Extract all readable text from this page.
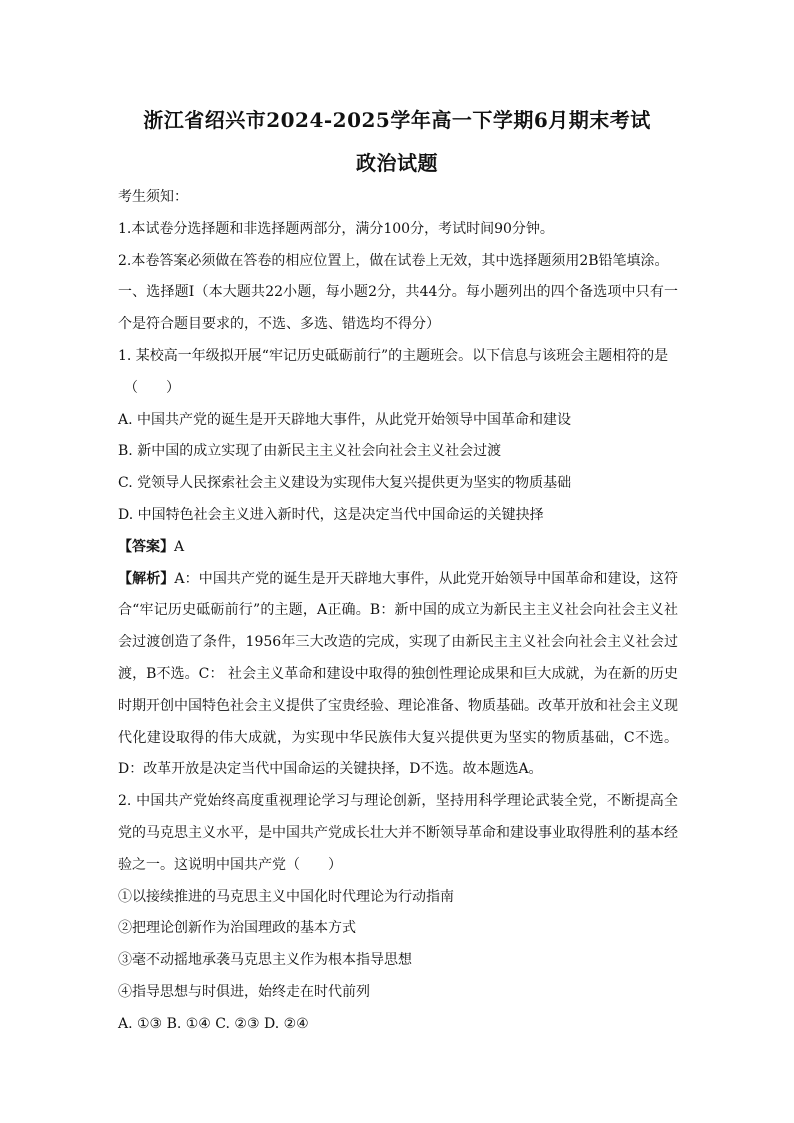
浙江省绍兴市2024-2025学年高一下学期6月期末考试
政治试题

考生须知：

1.本试卷分选择题和非选择题两部分，满分100分，考试时间90分钟。

2.本卷答案必须做在答卷的相应位置上，做在试卷上无效，其中选择题须用2B铅笔填涂。

一、选择题Ⅰ（本大题共22小题，每小题2分，共44分。每小题列出的四个备选项中只有一个是符合题目要求的，不选、多选、错选均不得分）

1. 某校高一年级拟开展“牢记历史砥砺前行”的主题班会。以下信息与该班会主题相符的是

（　　）

A. 中国共产党的诞生是开天辟地大事件，从此党开始领导中国革命和建设

B. 新中国的成立实现了由新民主主义社会向社会主义社会过渡

C. 党领导人民探索社会主义建设为实现伟大复兴提供更为坚实的物质基础

D. 中国特色社会主义进入新时代，这是决定当代中国命运的关键抉择

【答案】A

【解析】A：中国共产党的诞生是开天辟地大事件，从此党开始领导中国革命和建设，这符合“牢记历史砥砺前行”的主题，A正确。B：新中国的成立为新民主主义社会向社会主义社会过渡创造了条件，1956年三大改造的完成，实现了由新民主主义社会向社会主义社会过渡，B不选。C： 社会主义革命和建设中取得的独创性理论成果和巨大成就，为在新的历史时期开创中国特色社会主义提供了宝贵经验、理论准备、物质基础。改革开放和社会主义现代化建设取得的伟大成就，为实现中华民族伟大复兴提供更为坚实的物质基础，C不选。D：改革开放是决定当代中国命运的关键抉择，D不选。故本题选A。

2. 中国共产党始终高度重视理论学习与理论创新，坚持用科学理论武装全党，不断提高全党的马克思主义水平，是中国共产党成长壮大并不断领导革命和建设事业取得胜利的基本经验之一。这说明中国共产党（　　）

①以接续推进的马克思主义中国化时代理论为行动指南

②把理论创新作为治国理政的基本方式

③毫不动摇地承袭马克思主义作为根本指导思想

④指导思想与时俱进，始终走在时代前列

A. ①③ B. ①④ C. ②③ D. ②④
